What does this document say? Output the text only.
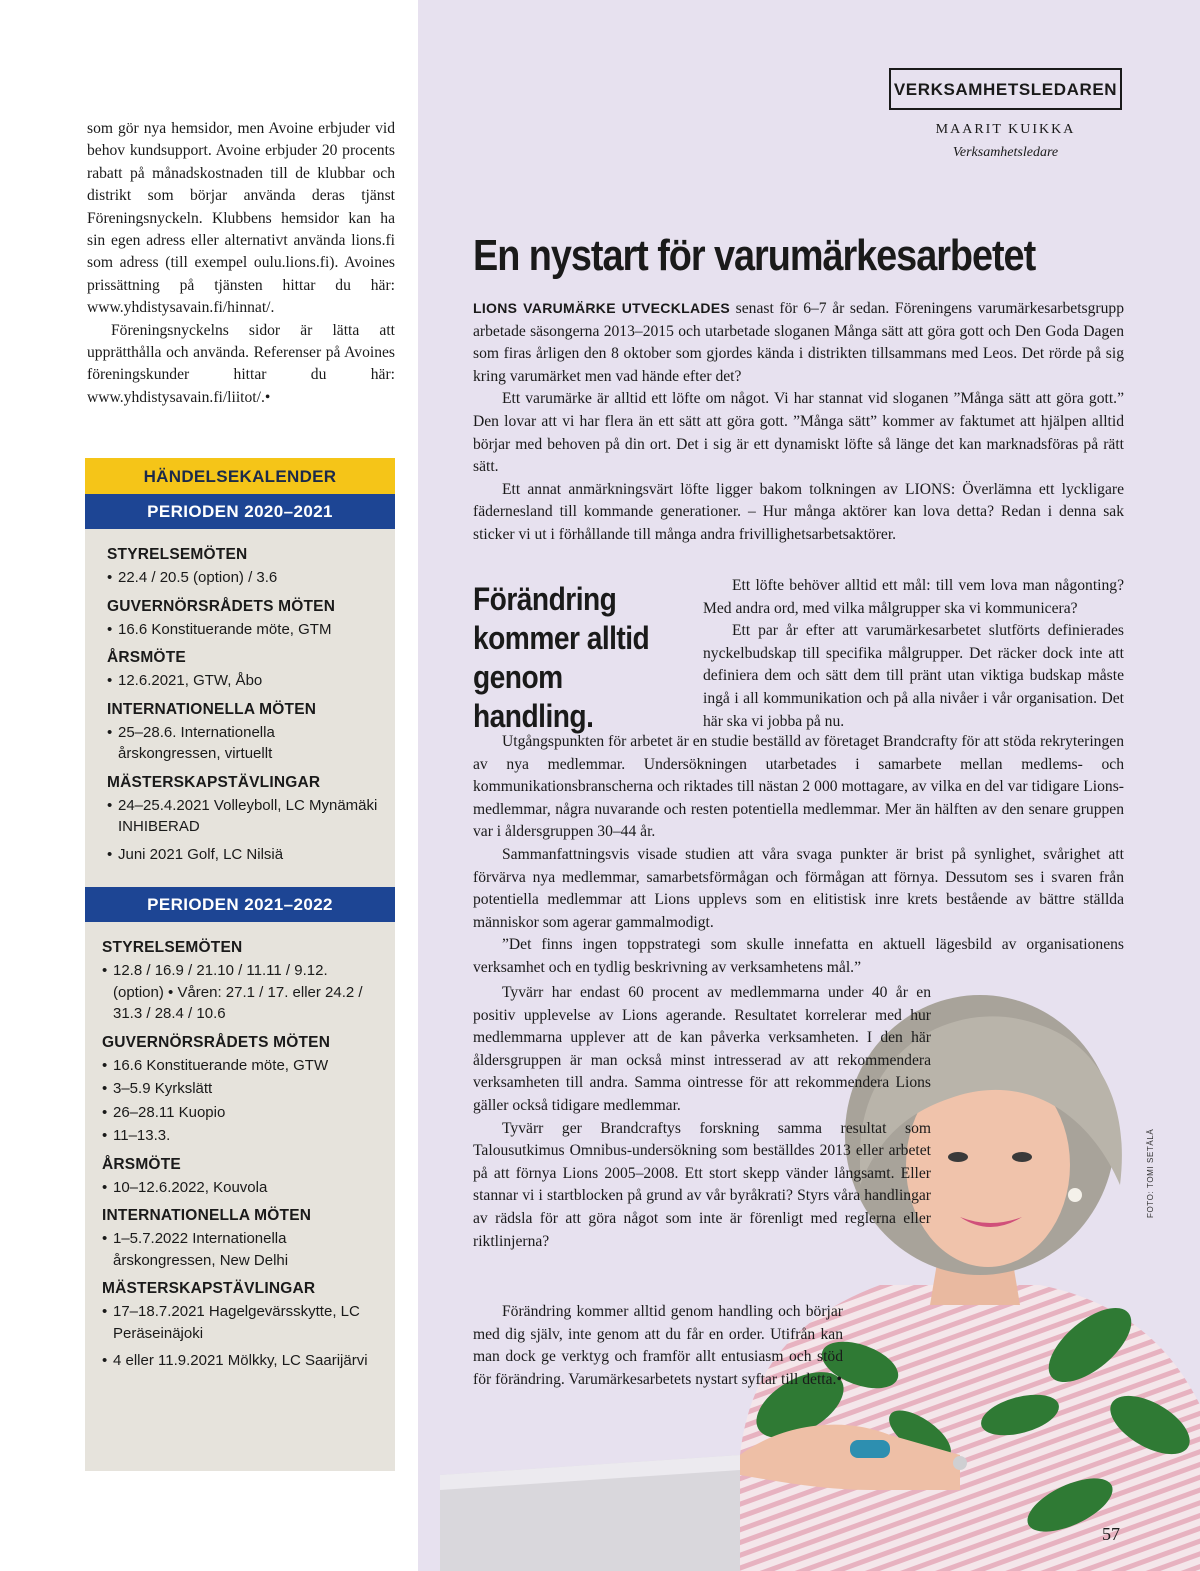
som gör nya hemsidor, men Avoine erbjuder vid behov kundsupport. Avoine erbjuder 20 procents rabatt på månadskostnaden till de klubbar och distrikt som börjar använda deras tjänst Föreningsnyckeln. Klubbens hemsidor kan ha sin egen adress eller alternativt använda lions.fi som adress (till exempel oulu.lions.fi). Avoines prissättning på tjänsten hittar du här: www.yhdistysavain.fi/hinnat/.

Föreningsnyckelns sidor är lätta att upprätthålla och använda. Referenser på Avoines föreningskunder hittar du här: www.yhdistysavain.fi/liitot/.•

HÄNDELSEKALENDER
PERIODEN 2020–2021
STYRELSEMÖTEN
• 22.4 / 20.5 (option) / 3.6
GUVERNÖRSRÅDETS MÖTEN
• 16.6 Konstituerande möte, GTM
ÅRSMÖTE
• 12.6.2021, GTW, Åbo
INTERNATIONELLA MÖTEN
• 25–28.6. Internationella årskongressen, virtuellt
MÄSTERSKAPSTÄVLINGAR
• 24–25.4.2021 Volleyboll, LC Mynämäki INHIBERAD
• Juni 2021 Golf, LC Nilsiä
PERIODEN 2021–2022
STYRELSEMÖTEN
• 12.8 / 16.9 / 21.10 / 11.11 / 9.12. (option) • Våren: 27.1 / 17. eller 24.2 / 31.3 / 28.4 / 10.6
GUVERNÖRSRÅDETS MÖTEN
• 16.6 Konstituerande möte, GTW
• 3–5.9 Kyrkslätt
• 26–28.11 Kuopio
• 11–13.3.
ÅRSMÖTE
• 10–12.6.2022, Kouvola
INTERNATIONELLA MÖTEN
• 1–5.7.2022 Internationella årskongressen, New Delhi
MÄSTERSKAPSTÄVLINGAR
• 17–18.7.2021 Hagelgevärsskytte, LC Peräseinäjoki
• 4 eller 11.9.2021 Mölkky, LC Saarijärvi
FOTO: TOMI SETÄLÄ
VERKSAMHETSLEDAREN
MAARIT KUIKKA
Verksamhetsledare
En nystart för varumärkesarbetet

LIONS VARUMÄRKE UTVECKLADES senast för 6–7 år sedan. Föreningens varumärkesarbetsgrupp arbetade säsongerna 2013–2015 och utarbetade sloganen Många sätt att göra gott och Den Goda Dagen som firas årligen den 8 oktober som gjordes kända i distrikten tillsammans med Leos. Det rörde på sig kring varumärket men vad hände efter det?

Ett varumärke är alltid ett löfte om något. Vi har stannat vid sloganen ”Många sätt att göra gott.” Den lovar att vi har flera än ett sätt att göra gott. ”Många sätt” kommer av faktumet att hjälpen alltid börjar med behoven på din ort. Det i sig är ett dynamiskt löfte så länge det kan marknadsföras på rätt sätt.

Ett annat anmärkningsvärt löfte ligger bakom tolkningen av LIONS: Överlämna ett lyckligare fädernesland till kommande generationer. – Hur många aktörer kan lova detta? Redan i denna sak sticker vi ut i förhållande till många andra frivillighetsarbetsaktörer.

Förändring kommer alltid genom handling.

Ett löfte behöver alltid ett mål: till vem lova man någonting? Med andra ord, med vilka målgrupper ska vi kommunicera?

Ett par år efter att varumärkesarbetet slutförts definierades nyckelbudskap till specifika målgrupper. Det räcker dock inte att definiera dem och sätt dem till pränt utan viktiga budskap måste ingå i all kommunikation och på alla nivåer i vår organisation. Det här ska vi jobba på nu.

Utgångspunkten för arbetet är en studie beställd av företaget Brandcrafty för att stöda rekryteringen av nya medlemmar. Undersökningen utarbetades i samarbete mellan medlems- och kommunikationsbranscherna och riktades till nästan 2 000 mottagare, av vilka en del var tidigare Lions-medlemmar, några nuvarande och resten potentiella medlemmar. Mer än hälften av den senare gruppen var i åldersgruppen 30–44 år.

Sammanfattningsvis visade studien att våra svaga punkter är brist på synlighet, svårighet att förvärva nya medlemmar, samarbetsförmågan och förmågan att förnya. Dessutom ses i svaren från potentiella medlemmar att Lions upplevs som en elitistisk inre krets bestående av bättre ställda människor som agerar gammalmodigt.

”Det finns ingen toppstrategi som skulle innefatta en aktuell lägesbild av organisationens verksamhet och en tydlig beskrivning av verksamhetens mål.”

Tyvärr har endast 60 procent av medlemmarna under 40 år en positiv upplevelse av Lions agerande. Resultatet korrelerar med hur medlemmarna upplever att de kan påverka verksamheten. I den här åldersgruppen är man också minst intresserad av att rekommendera verksamheten till andra. Samma ointresse för att rekommendera Lions gäller också tidigare medlemmar.

Tyvärr ger Brandcraftys forskning samma resultat som Talousutkimus Omnibus-undersökning som beställdes 2013 eller arbetet på att förnya Lions 2005–2008. Ett stort skepp vänder långsamt. Eller stannar vi i startblocken på grund av vår byråkrati? Styrs våra handlingar av rädsla för att göra något som inte är förenligt med reglerna eller riktlinjerna?

Förändring kommer alltid genom handling och börjar med dig själv, inte genom att du får en order. Utifrån kan man dock ge verktyg och framför allt entusiasm och stöd för förändring. Varumärkesarbetets nystart syftar till detta.•

57
